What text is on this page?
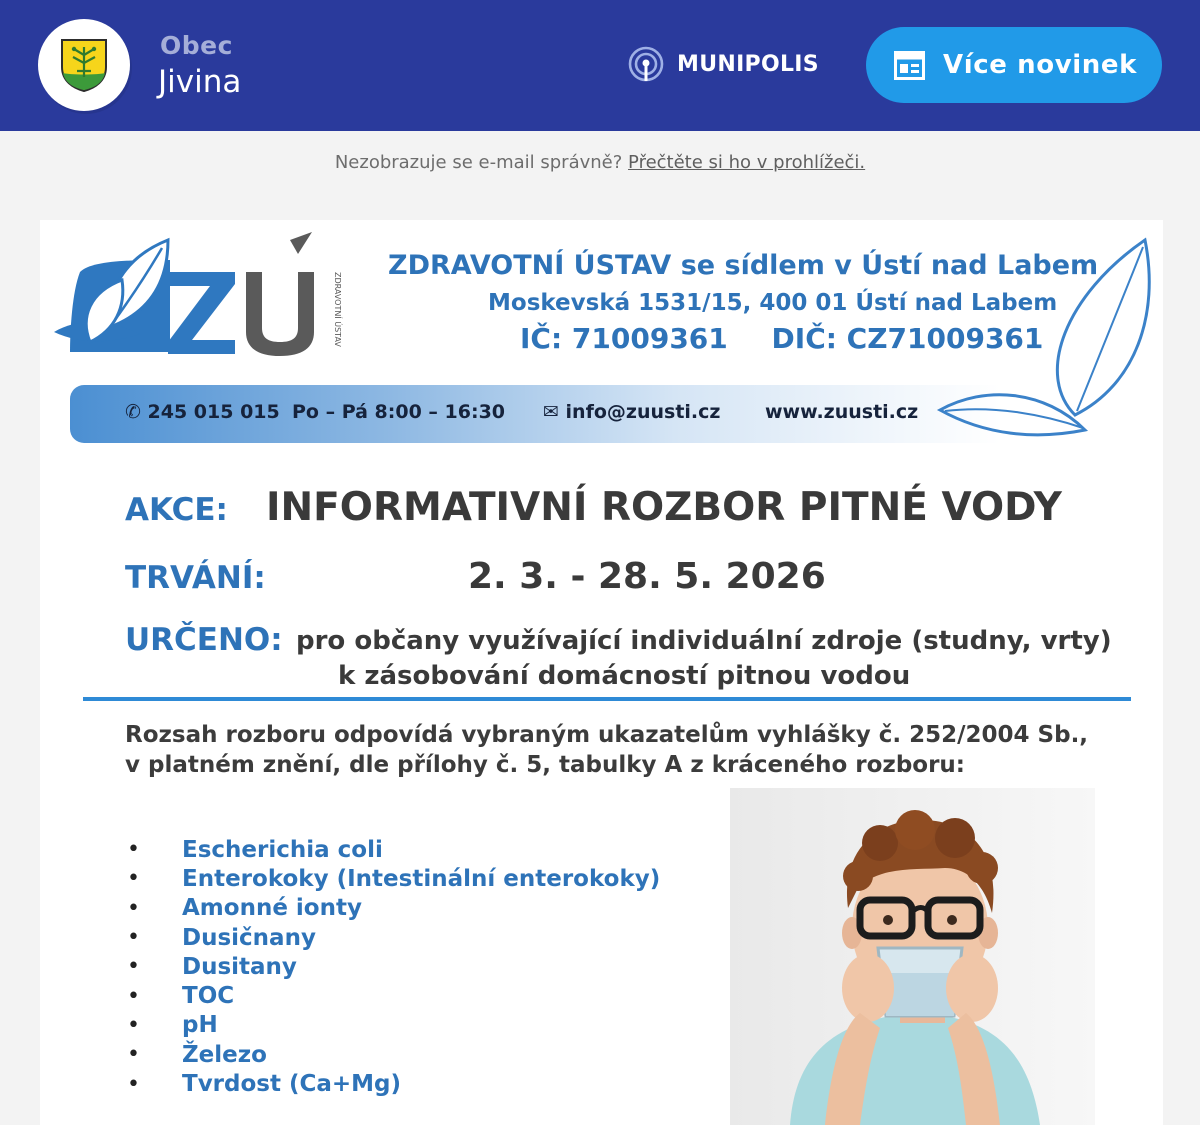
Obec
Jivina	MUNIPOLIS	Více novinek
Nezobrazuje se e-mail správně? Přečtěte si ho v prohlížeči.
ZDRAVOTNÍ ÚSTAV
ZDRAVOTNÍ ÚSTAV se sídlem v Ústí nad Labem
Moskevská 1531/15, 400 01 Ústí nad Labem
IČ: 71009361 DIČ: CZ71009361
✆ 245 015 015 Po – Pá 8:00 – 16:30 ✉ info@zuusti.cz www.zuusti.cz
AKCE: INFORMATIVNÍ ROZBOR PITNÉ VODY
TRVÁNÍ:	2. 3. - 28. 5. 2026
URČENO: pro občany využívající individuální zdroje (studny, vrty)
k zásobování domácností pitnou vodou
Rozsah rozboru odpovídá vybraným ukazatelům vyhlášky č. 252/2004 Sb.,
v platném znění, dle přílohy č. 5, tabulky A z kráceného rozboru:
•	Escherichia coli
•	Enterokoky (Intestinální enterokoky)
•	Amonné ionty
•	Dusičnany
•	Dusitany
•	TOC
•	pH
•	Železo
•	Tvrdost (Ca+Mg)
